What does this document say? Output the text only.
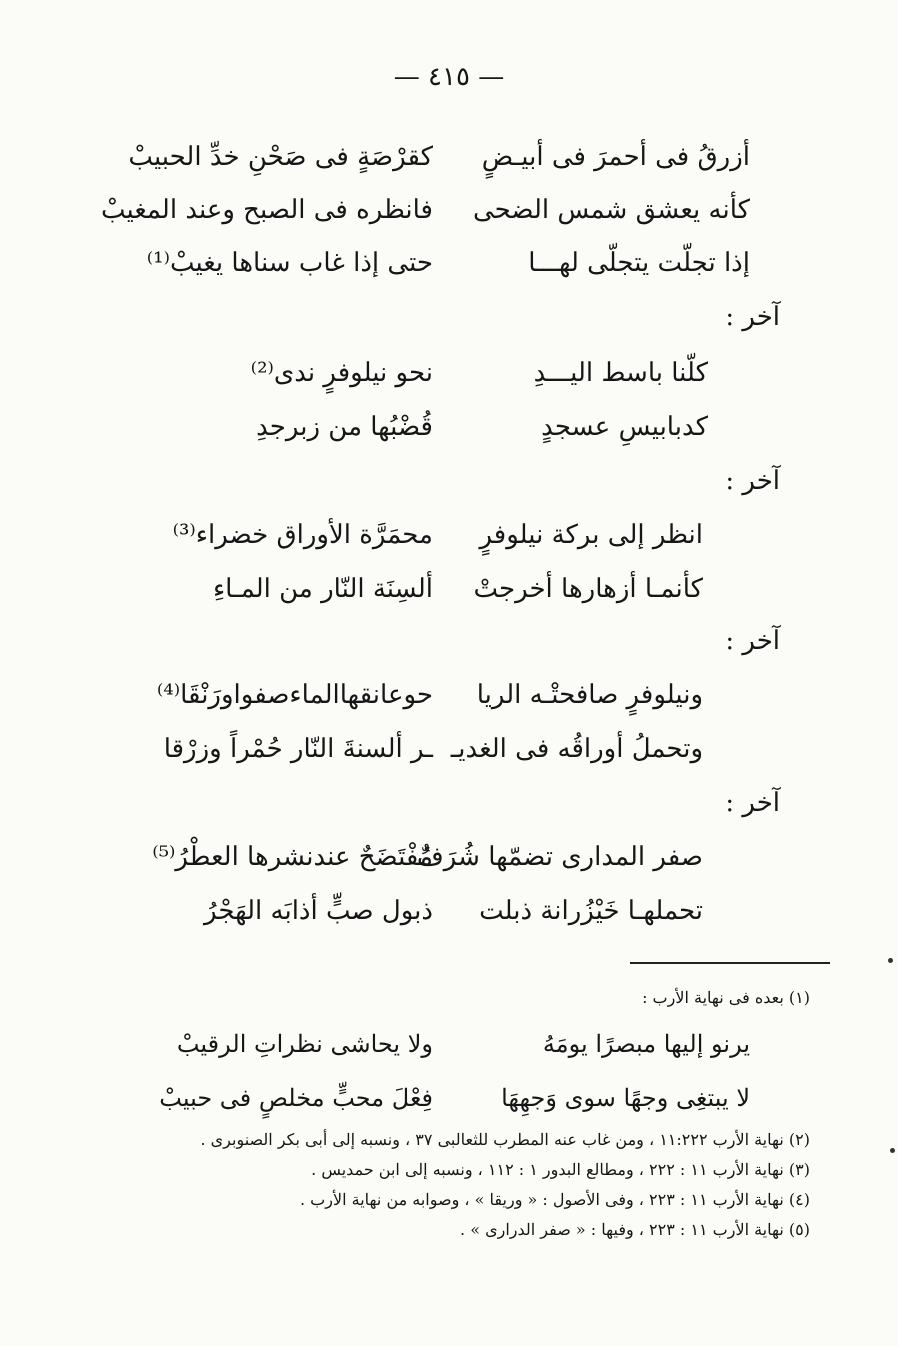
— ٤١٥ —
أزرقُ فى أحمرَ فى أبيـضٍ
كقرْصَةٍ فى صَحْنِ خدِّ الحبيبْ
كأنه يعشق شمس الضحى
فانظره فى الصبح وعند المغيبْ
إذا تجلّت يتجلّى لهـــا
حتى إذا غاب سناها يغيبْ⁽¹⁾
آخر :
كلّنا باسط اليـــدِ
نحو نيلوفرٍ ندى⁽²⁾
كدبابيسِ عسجدٍ
قُضْبُها من زبرجدِ
آخر :
انظر إلى بركة نيلوفرٍ
محمَرَّة الأوراق خضراء⁽³⁾
كأنمـا أزهارها أخرجتْ
ألسِنَة النّار من المـاءِ
آخر :
ونيلوفرٍ صافحتْـه الريا
حوعانقهاالماءصفواورَنْقَا⁽⁴⁾
وتحملُ أوراقُه فى الغديـ
ـر ألسنةَ النّار حُمْراً وزرْقا
آخر :
صفر المدارى تضمّها شُرَفٌ
مُفْتَضَحٌ عندنشرها العطْرُ⁽⁵⁾
تحملهـا خَيْزُرانة ذبلت
ذبول صبٍّ أذابَه الهَجْرُ
(١) بعده فى نهاية الأرب :
يرنو إليها مبصرًا يومَهُ
ولا يحاشى نظراتِ الرقيبْ
لا يبتغِى وجهًا سوى وَجهِهَا
فِعْلَ محبٍّ مخلصٍ فى حبيبْ
(٢) نهاية الأرب ١١:٢٢٢ ، ومن غاب عنه المطرب للثعالبى ٣٧ ، ونسبه إلى أبى بكر الصنوبرى .
(٣) نهاية الأرب ١١ : ٢٢٢ ، ومطالع البدور ١ : ١١٢ ، ونسبه إلى ابن حمديس .
(٤) نهاية الأرب ١١ : ٢٢٣ ، وفى الأصول : « وريقا » ، وصوابه من نهاية الأرب .
(٥) نهاية الأرب ١١ : ٢٢٣ ، وفيها : « صفر الدرارى » .
